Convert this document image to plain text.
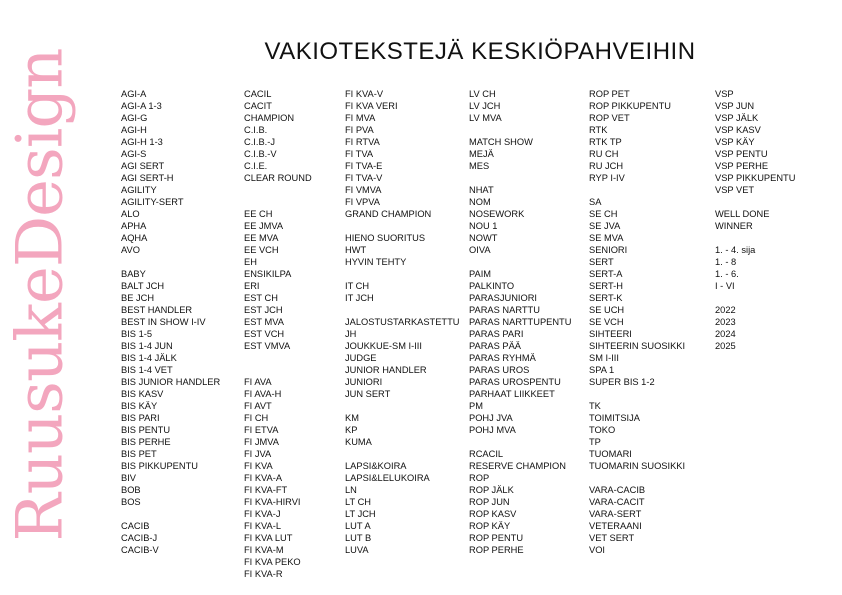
RuusukeDesign	VAKIOTEKSTEJÄ KESKIÖPAHVEIHIN
AGI-A
AGI-A 1-3
AGI-G
AGI-H
AGI-H 1-3
AGI-S
AGI SERT
AGI SERT-H
AGILITY
AGILITY-SERT
ALO
APHA
AQHA
AVO
BABY
BALT JCH
BE JCH
BEST HANDLER
BEST IN SHOW I-IV
BIS 1-5
BIS 1-4 JUN
BIS 1-4 JÄLK
BIS 1-4 VET
BIS JUNIOR HANDLER
BIS KASV
BIS KÄY
BIS PARI
BIS PENTU
BIS PERHE
BIS PET
BIS PIKKUPENTU
BIV
BOB
BOS
CACIB
CACIB-J
CACIB-V
CACIL
CACIT
CHAMPION
C.I.B.
C.I.B.-J
C.I.B.-V
C.I.E.
CLEAR ROUND
EE CH
EE JMVA
EE MVA
EE VCH
EH
ENSIKILPA
ERI
EST CH
EST JCH
EST MVA
EST VCH
EST VMVA
FI AVA
FI AVA-H
FI AVT
FI CH
FI ETVA
FI JMVA
FI JVA
FI KVA
FI KVA-A
FI KVA-FT
FI KVA-HIRVI
FI KVA-J
FI KVA-L
FI KVA LUT
FI KVA-M
FI KVA PEKO
FI KVA-R
FI KVA-V
FI KVA VERI
FI MVA
FI PVA
FI RTVA
FI TVA
FI TVA-E
FI TVA-V
FI VMVA
FI VPVA
GRAND CHAMPION
HIENO SUORITUS
HWT
HYVIN TEHTY
IT CH
IT JCH
JALOSTUSTARKASTETTU
JH
JOUKKUE-SM I-III
JUDGE
JUNIOR HANDLER
JUNIORI
JUN SERT
KM
KP
KUMA
LAPSI&KOIRA
LAPSI&LELUKOIRA
LN
LT CH
LT JCH
LUT A
LUT B
LUVA
LV CH
LV JCH
LV MVA
MATCH SHOW
MEJÄ
MES
NHAT
NOM
NOSEWORK
NOU 1
NOWT
OIVA
PAIM
PALKINTO
PARASJUNIORI
PARAS NARTTU
PARAS NARTTUPENTU
PARAS PARI
PARAS PÄÄ
PARAS RYHMÄ
PARAS UROS
PARAS UROSPENTU
PARHAAT LIIKKEET
PM
POHJ JVA
POHJ MVA
RCACIL
RESERVE CHAMPION
ROP
ROP JÄLK
ROP JUN
ROP KASV
ROP KÄY
ROP PENTU
ROP PERHE
ROP PET
ROP PIKKUPENTU
ROP VET
RTK
RTK TP
RU CH
RU JCH
RYP I-IV
SA
SE CH
SE JVA
SE MVA
SENIORI
SERT
SERT-A
SERT-H
SERT-K
SE UCH
SE VCH
SIHTEERI
SIHTEERIN SUOSIKKI
SM I-III
SPA 1
SUPER BIS 1-2
TK
TOIMITSIJA
TOKO
TP
TUOMARI
TUOMARIN SUOSIKKI
VARA-CACIB
VARA-CACIT
VARA-SERT
VETERAANI
VET SERT
VOI
VSP
VSP JUN
VSP JÄLK
VSP KASV
VSP KÄY
VSP PENTU
VSP PERHE
VSP PIKKUPENTU
VSP VET
WELL DONE
WINNER
1. - 4. sija
1. - 8
1. - 6.
I - VI
2022
2023
2024
2025
